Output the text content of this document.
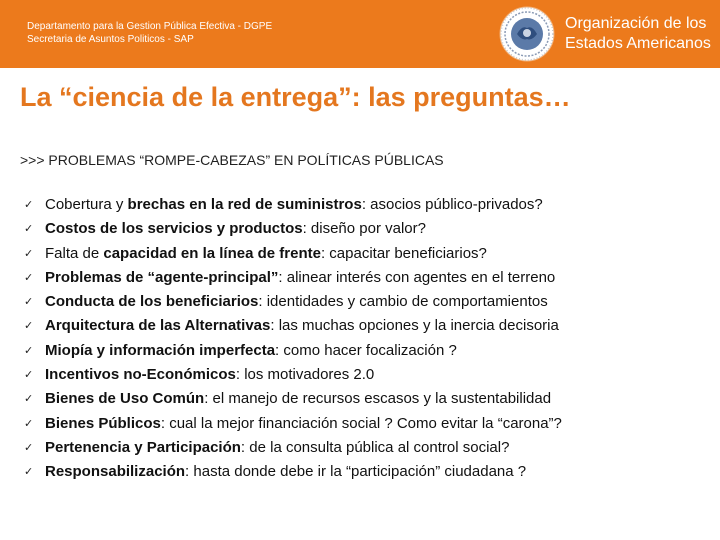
Departamento para la Gestion Pública Efectiva - DGPE
Secretaria de Asuntos Politicos - SAP
Organización de los
Estados Americanos
La “ciencia de la entrega”: las preguntas…
>>> PROBLEMAS “ROMPE-CABEZAS” EN POLÍTICAS PÚBLICAS
✓ Cobertura y brechas en la red de suministros: asocios público-privados?
✓ Costos de los servicios y productos: diseño por valor?
✓ Falta de capacidad en la línea de frente: capacitar beneficiarios?
✓ Problemas de “agente-principal”: alinear interés con agentes en el terreno
✓ Conducta de los beneficiarios: identidades y cambio de comportamientos
✓ Arquitectura de las Alternativas: las muchas opciones y la inercia decisoria
✓ Miopía y información imperfecta: como hacer focalización ?
✓ Incentivos no-Económicos: los motivadores 2.0
✓ Bienes de Uso Común: el manejo de recursos escasos y la sustentabilidad
✓ Bienes Públicos: cual la mejor financiación social ? Como evitar la “carona”?
✓ Pertenencia y Participación: de la consulta pública al control social?
✓ Responsabilización: hasta donde debe ir la “participación” ciudadana ?
